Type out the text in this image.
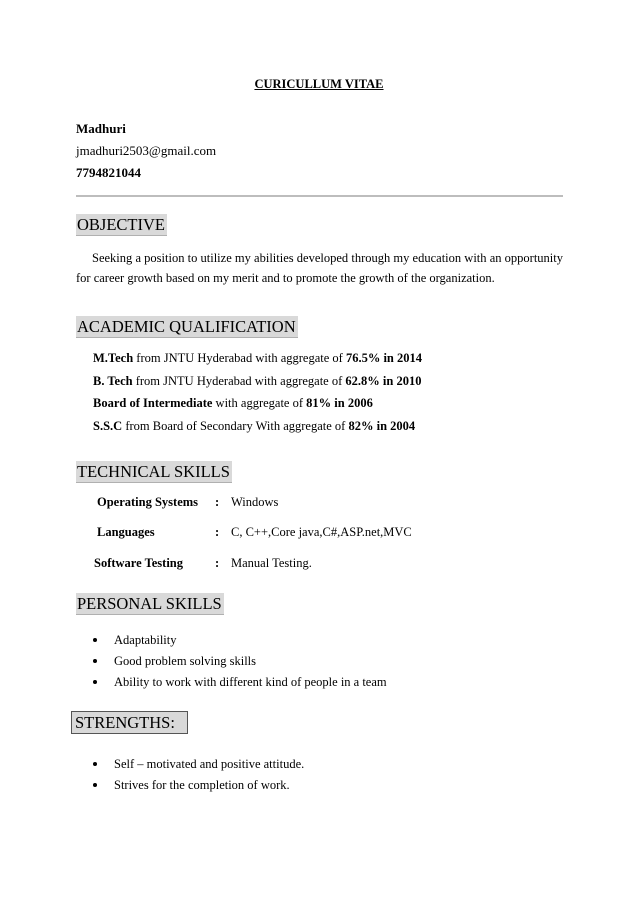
CURICULLUM VITAE
Madhuri
jmadhuri2503@gmail.com
7794821044
OBJECTIVE
Seeking a position to utilize my abilities developed through my education with an opportunity for career growth based on my merit and to promote the growth of the organization.
ACADEMIC QUALIFICATION
M.Tech from JNTU Hyderabad with aggregate of 76.5% in 2014
B. Tech from JNTU Hyderabad with aggregate of 62.8% in 2010
Board of Intermediate with aggregate of 81% in 2006
S.S.C from Board of Secondary With aggregate of 82% in 2004
TECHNICAL SKILLS
Operating Systems : Windows
Languages	: C, C++,Core java,C#,ASP.net,MVC
Software Testing	: Manual Testing.
PERSONAL SKILLS
Adaptability
Good problem solving skills
Ability to work with different kind of people in a team
STRENGTHS:
Self – motivated and positive attitude.
Strives for the completion of work.
